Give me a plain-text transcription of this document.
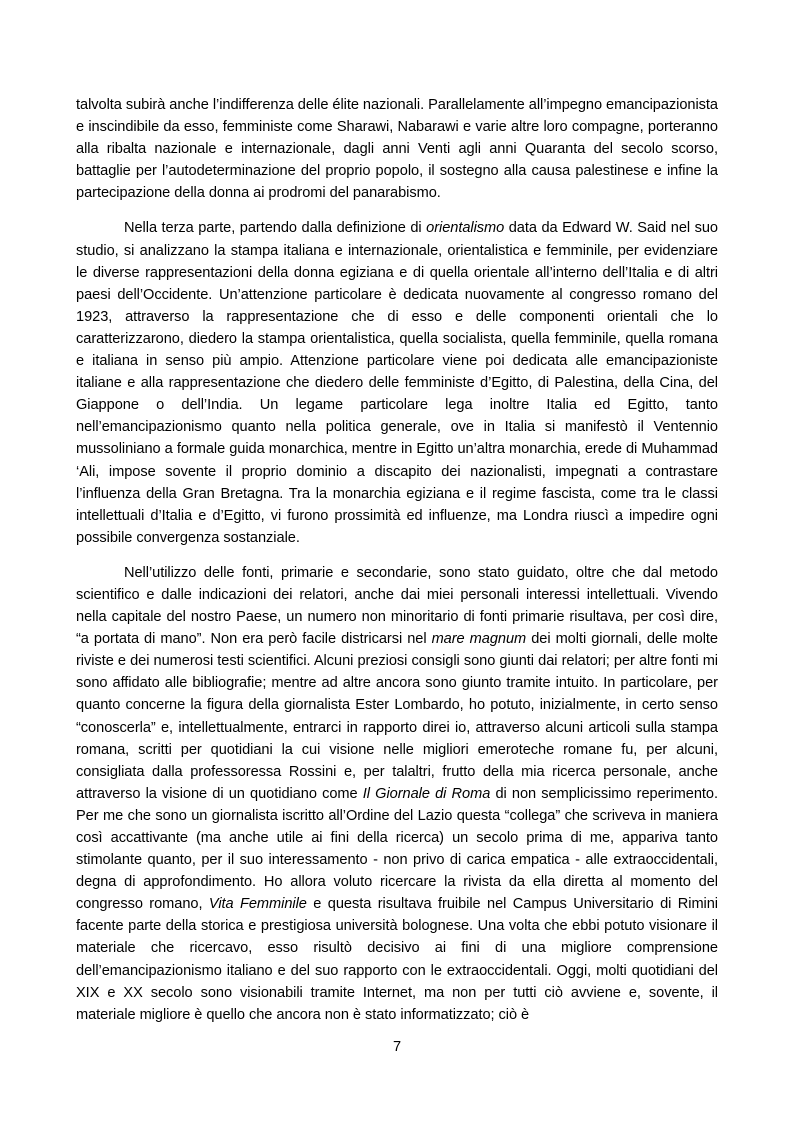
talvolta subirà anche l’indifferenza delle élite nazionali. Parallelamente all’impegno emancipazionista e inscindibile da esso, femministe come Sharawi, Nabarawi e varie altre loro compagne, porteranno alla ribalta nazionale e internazionale, dagli anni Venti agli anni Quaranta del secolo scorso, battaglie per l’autodeterminazione del proprio popolo, il sostegno alla causa palestinese e infine la partecipazione della donna ai prodromi del panarabismo.

Nella terza parte, partendo dalla definizione di orientalismo data da Edward W. Said nel suo studio, si analizzano la stampa italiana e internazionale, orientalistica e femminile, per evidenziare le diverse rappresentazioni della donna egiziana e di quella orientale all’interno dell’Italia e di altri paesi dell’Occidente. Un’attenzione particolare è dedicata nuovamente al congresso romano del 1923, attraverso la rappresentazione che di esso e delle componenti orientali che lo caratterizzarono, diedero la stampa orientalistica, quella socialista, quella femminile, quella romana e italiana in senso più ampio. Attenzione particolare viene poi dedicata alle emancipazioniste italiane e alla rappresentazione che diedero delle femministe d’Egitto, di Palestina, della Cina, del Giappone o dell’India. Un legame particolare lega inoltre Italia ed Egitto, tanto nell’emancipazionismo quanto nella politica generale, ove in Italia si manifestò il Ventennio mussoliniano a formale guida monarchica, mentre in Egitto un’altra monarchia, erede di Muhammad ‘Ali, impose sovente il proprio dominio a discapito dei nazionalisti, impegnati a contrastare l’influenza della Gran Bretagna. Tra la monarchia egiziana e il regime fascista, come tra le classi intellettuali d’Italia e d’Egitto, vi furono prossimità ed influenze, ma Londra riuscì a impedire ogni possibile convergenza sostanziale.

Nell’utilizzo delle fonti, primarie e secondarie, sono stato guidato, oltre che dal metodo scientifico e dalle indicazioni dei relatori, anche dai miei personali interessi intellettuali. Vivendo nella capitale del nostro Paese, un numero non minoritario di fonti primarie risultava, per così dire, “a portata di mano”. Non era però facile districarsi nel mare magnum dei molti giornali, delle molte riviste e dei numerosi testi scientifici. Alcuni preziosi consigli sono giunti dai relatori; per altre fonti mi sono affidato alle bibliografie; mentre ad altre ancora sono giunto tramite intuito. In particolare, per quanto concerne la figura della giornalista Ester Lombardo, ho potuto, inizialmente, in certo senso “conoscerla” e, intellettualmente, entrarci in rapporto direi io, attraverso alcuni articoli sulla stampa romana, scritti per quotidiani la cui visione nelle migliori emeroteche romane fu, per alcuni, consigliata dalla professoressa Rossini e, per talaltri, frutto della mia ricerca personale, anche attraverso la visione di un quotidiano come Il Giornale di Roma di non semplicissimo reperimento. Per me che sono un giornalista iscritto all’Ordine del Lazio questa “collega” che scriveva in maniera così accattivante (ma anche utile ai fini della ricerca) un secolo prima di me, appariva tanto stimolante quanto, per il suo interessamento - non privo di carica empatica - alle extraoccidentali, degna di approfondimento. Ho allora voluto ricercare la rivista da ella diretta al momento del congresso romano, Vita Femminile e questa risultava fruibile nel Campus Universitario di Rimini facente parte della storica e prestigiosa università bolognese. Una volta che ebbi potuto visionare il materiale che ricercavo, esso risultò decisivo ai fini di una migliore comprensione dell’emancipazionismo italiano e del suo rapporto con le extraoccidentali. Oggi, molti quotidiani del XIX e XX secolo sono visionabili tramite Internet, ma non per tutti ciò avviene e, sovente, il materiale migliore è quello che ancora non è stato informatizzato; ciò è

7
